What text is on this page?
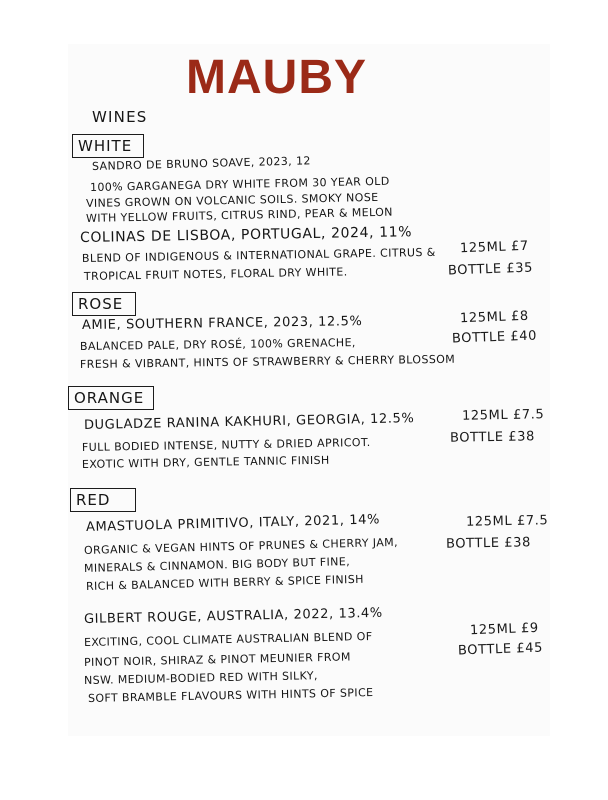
MAUBY
WINES
WHITE
SANDRO DE BRUNO SOAVE, 2023, 12
100% GARGANEGA DRY WHITE FROM 30 YEAR OLD
VINES GROWN ON VOLCANIC SOILS. SMOKY NOSE
WITH YELLOW FRUITS, CITRUS RIND, PEAR & MELON
COLINAS DE LISBOA, PORTUGAL, 2024, 11%
BLEND OF INDIGENOUS & INTERNATIONAL GRAPE. CITRUS &
TROPICAL FRUIT NOTES, FLORAL DRY WHITE.
125ML £7
BOTTLE £35
ROSE
AMIE, SOUTHERN FRANCE, 2023, 12.5%
BALANCED PALE, DRY ROSÉ, 100% GRENACHE,
FRESH & VIBRANT, HINTS OF STRAWBERRY & CHERRY BLOSSOM
125ML £8
BOTTLE £40
ORANGE
DUGLADZE RANINA KAKHURI, GEORGIA, 12.5%
FULL BODIED INTENSE, NUTTY & DRIED APRICOT.
EXOTIC WITH DRY, GENTLE TANNIC FINISH
125ML £7.5
BOTTLE £38
RED
AMASTUOLA PRIMITIVO, ITALY, 2021, 14%
ORGANIC & VEGAN HINTS OF PRUNES & CHERRY JAM,
MINERALS & CINNAMON. BIG BODY BUT FINE,
RICH & BALANCED WITH BERRY & SPICE FINISH
125ML £7.5
BOTTLE £38
GILBERT ROUGE, AUSTRALIA, 2022, 13.4%
EXCITING, COOL CLIMATE AUSTRALIAN BLEND OF
PINOT NOIR, SHIRAZ & PINOT MEUNIER FROM
NSW. MEDIUM-BODIED RED WITH SILKY,
SOFT BRAMBLE FLAVOURS WITH HINTS OF SPICE
125ML £9
BOTTLE £45
